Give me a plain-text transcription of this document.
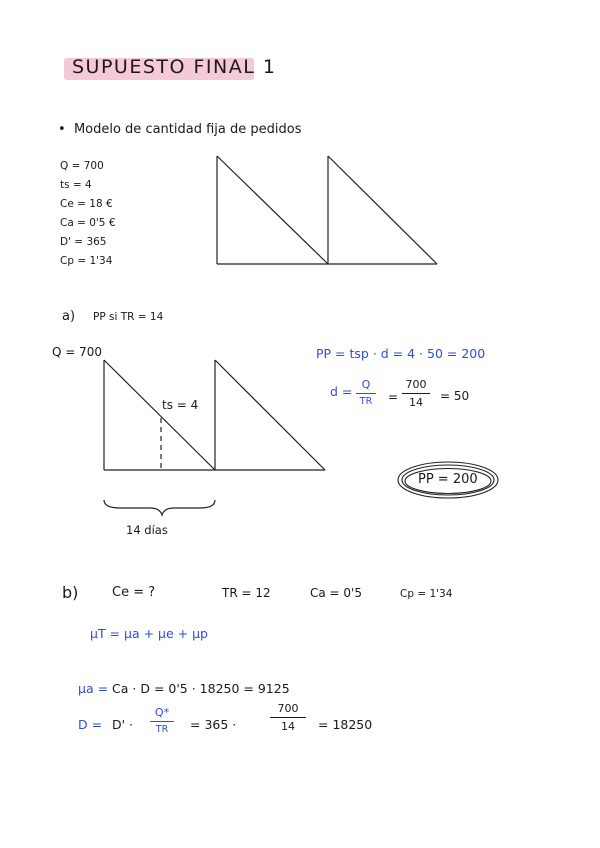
SUPUESTO FINAL 1
• Modelo de cantidad fija de pedidos
Q = 700
ts = 4
Ce = 18 €
Ca = 0'5 €
D' = 365
Cp = 1'34
a) PP si TR = 14
Q = 700
ts = 4
14 días
PP = tsp · d = 4 · 50 = 200
d = Q
TR	=
700
14	= 50
PP = 200
b)	Ce = ?	TR = 12	Ca = 0'5	Cp = 1'34
μT = μa + μe + μp
μa = Ca · D = 0'5 · 18250 = 9125
D = D' ·
Q*
TR	= 365 ·
700
14	= 18250
